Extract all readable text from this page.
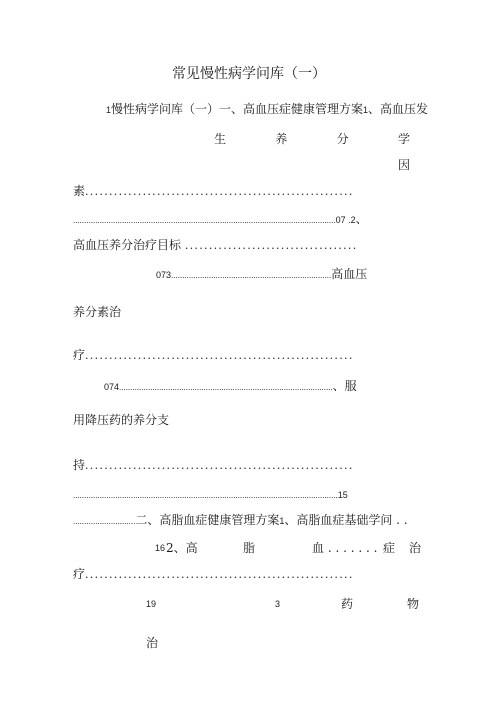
常见慢性病学问库（一）
1慢性病学问库（一）一、高血压症健康管理方案1、高血压发
生	养	分	学
因
素........................................................
......................................................................................................................07 .2、
高血压养分治疗目标 ....................................
073........................................................................高血压
养分素治
疗........................................................
074................................................................................................、服
用降压药的养分支
持........................................................
.......................................................................................................................15
............................二、高脂血症健康管理方案1、高脂血症基础学问 . .
16 2、高	脂	血 . . . . . . . 症 治
疗........................................................
19	3	药	物
治
